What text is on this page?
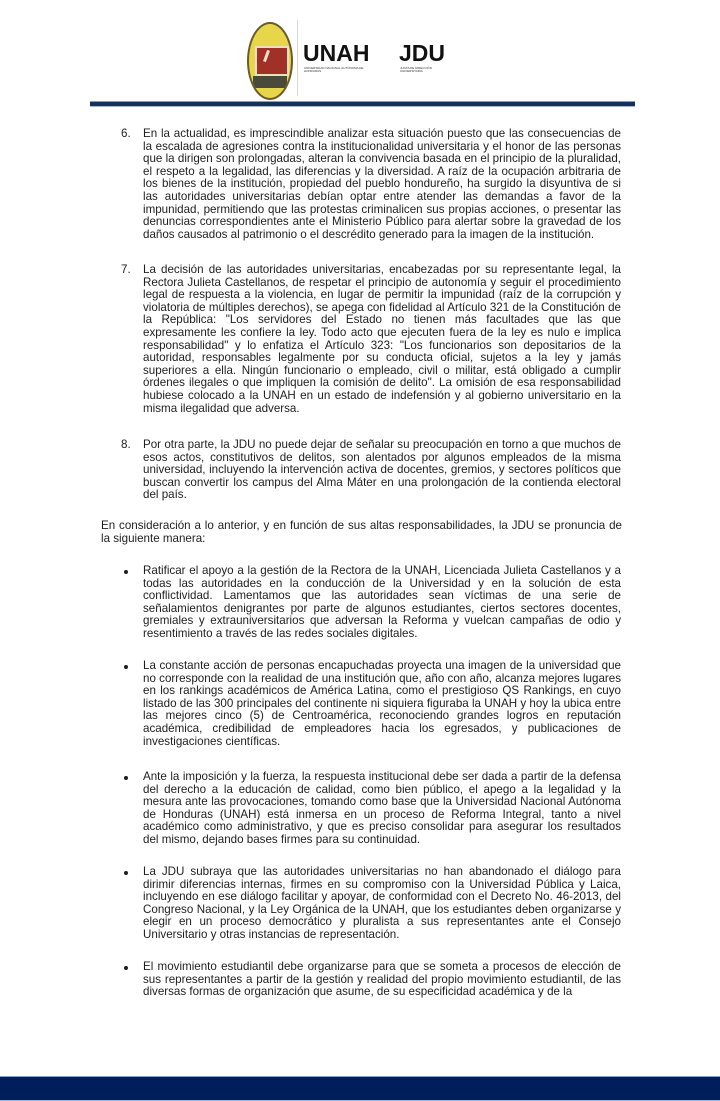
UNAH
UNIVERSIDAD NACIONAL AUTÓNOMA DE HONDURAS
JDU
JUNTA DE DIRECCIÓN UNIVERSITARIA
6. En la actualidad, es imprescindible analizar esta situación puesto que las consecuencias de la escalada de agresiones contra la institucionalidad universitaria y el honor de las personas que la dirigen son prolongadas, alteran la convivencia basada en el principio de la pluralidad, el respeto a la legalidad, las diferencias y la diversidad. A raíz de la ocupación arbitraria de los bienes de la institución, propiedad del pueblo hondureño, ha surgido la disyuntiva de si las autoridades universitarias debían optar entre atender las demandas a favor de la impunidad, permitiendo que las protestas criminalicen sus propias acciones, o presentar las denuncias correspondientes ante el Ministerio Público para alertar sobre la gravedad de los daños causados al patrimonio o el descrédito generado para la imagen de la institución.
7. La decisión de las autoridades universitarias, encabezadas por su representante legal, la Rectora Julieta Castellanos, de respetar el principio de autonomía y seguir el procedimiento legal de respuesta a la violencia, en lugar de permitir la impunidad (raíz de la corrupción y violatoria de múltiples derechos), se apega con fidelidad al Artículo 321 de la Constitución de la República: "Los servidores del Estado no tienen más facultades que las que expresamente les confiere la ley. Todo acto que ejecuten fuera de la ley es nulo e implica responsabilidad" y lo enfatiza el Artículo 323: "Los funcionarios son depositarios de la autoridad, responsables legalmente por su conducta oficial, sujetos a la ley y jamás superiores a ella. Ningún funcionario o empleado, civil o militar, está obligado a cumplir órdenes ilegales o que impliquen la comisión de delito". La omisión de esa responsabilidad hubiese colocado a la UNAH en un estado de indefensión y al gobierno universitario en la misma ilegalidad que adversa.
8. Por otra parte, la JDU no puede dejar de señalar su preocupación en torno a que muchos de esos actos, constitutivos de delitos, son alentados por algunos empleados de la misma universidad, incluyendo la intervención activa de docentes, gremios, y sectores políticos que buscan convertir los campus del Alma Máter en una prolongación de la contienda electoral del país.
En consideración a lo anterior, y en función de sus altas responsabilidades, la JDU se pronuncia de la siguiente manera:
Ratificar el apoyo a la gestión de la Rectora de la UNAH, Licenciada Julieta Castellanos y a todas las autoridades en la conducción de la Universidad y en la solución de esta conflictividad. Lamentamos que las autoridades sean víctimas de una serie de señalamientos denigrantes por parte de algunos estudiantes, ciertos sectores docentes, gremiales y extrauniversitarios que adversan la Reforma y vuelcan campañas de odio y resentimiento a través de las redes sociales digitales.
La constante acción de personas encapuchadas proyecta una imagen de la universidad que no corresponde con la realidad de una institución que, año con año, alcanza mejores lugares en los rankings académicos de América Latina, como el prestigioso QS Rankings, en cuyo listado de las 300 principales del continente ni siquiera figuraba la UNAH y hoy la ubica entre las mejores cinco (5) de Centroamérica, reconociendo grandes logros en reputación académica, credibilidad de empleadores hacia los egresados, y publicaciones de investigaciones científicas.
Ante la imposición y la fuerza, la respuesta institucional debe ser dada a partir de la defensa del derecho a la educación de calidad, como bien público, el apego a la legalidad y la mesura ante las provocaciones, tomando como base que la Universidad Nacional Autónoma de Honduras (UNAH) está inmersa en un proceso de Reforma Integral, tanto a nivel académico como administrativo, y que es preciso consolidar para asegurar los resultados del mismo, dejando bases firmes para su continuidad.
La JDU subraya que las autoridades universitarias no han abandonado el diálogo para dirimir diferencias internas, firmes en su compromiso con la Universidad Pública y Laica, incluyendo en ese diálogo facilitar y apoyar, de conformidad con el Decreto No. 46-2013, del Congreso Nacional, y la Ley Orgánica de la UNAH, que los estudiantes deben organizarse y elegir en un proceso democrático y pluralista a sus representantes ante el Consejo Universitario y otras instancias de representación.
El movimiento estudiantil debe organizarse para que se someta a procesos de elección de sus representantes a partir de la gestión y realidad del propio movimiento estudiantil, de las diversas formas de organización que asume, de su especificidad académica y de la
